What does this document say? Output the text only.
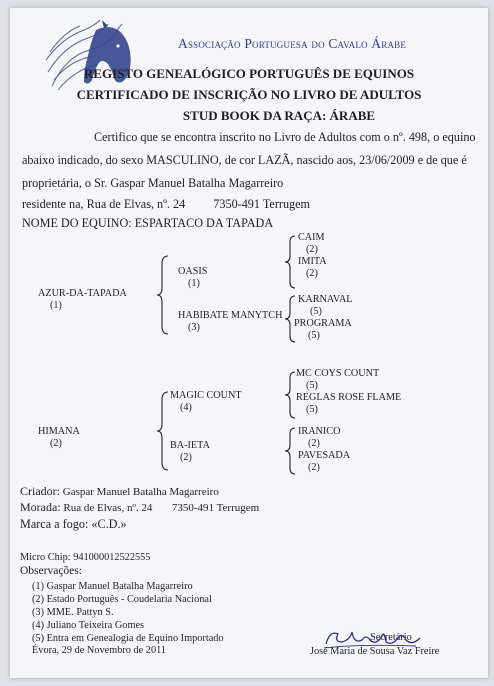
Associação Portuguesa do Cavalo Árabe
REGISTO GENEALÓGICO PORTUGUÊS DE EQUINOS
CERTIFICADO DE INSCRIÇÃO NO LIVRO DE ADULTOS
STUD BOOK DA RAÇA: ÁRABE
Certifico que se encontra inscrito no Livro de Adultos com o nº. 498, o equino
abaixo indicado, do sexo MASCULINO, de cor LAZÃ, nascido aos, 23/06/2009 e de que é
proprietária, o Sr. Gaspar Manuel Batalha Magarreiro
residente na, Rua de Elvas, nº. 24 7350-491 Terrugem
NOME DO EQUINO: ESPARTACO DA TAPADA
AZUR-DA-TAPADA
(1)
OASIS
(1)
HABIBATE MANYTCH
(3)
CAIM
(2)
IMITA
(2)
KARNAVAL
(5)
PROGRAMA
(5)
HIMANA
(2)
MAGIC COUNT
(4)
BA-IETA
(2)
MC COYS COUNT
(5)
REGLAS ROSE FLAME
(5)
IRANICO
(2)
PAVESADA
(2)
Criador: Gaspar Manuel Batalha Magarreiro
Morada: Rua de Elvas, nº. 24 7350-491 Terrugem
Marca a fogo: «C.D.»
Micro Chip: 941000012522555
Observações:
(1) Gaspar Manuel Batalha Magarreiro
(2) Estado Português - Coudelaria Nacional
(3) MME. Pattyn S.
(4) Juliano Teixeira Gomes
(5) Entra em Genealogia de Equino Importado
Évora, 29 de Novembro de 2011
Secretário
José Maria de Sousa Vaz Freire
